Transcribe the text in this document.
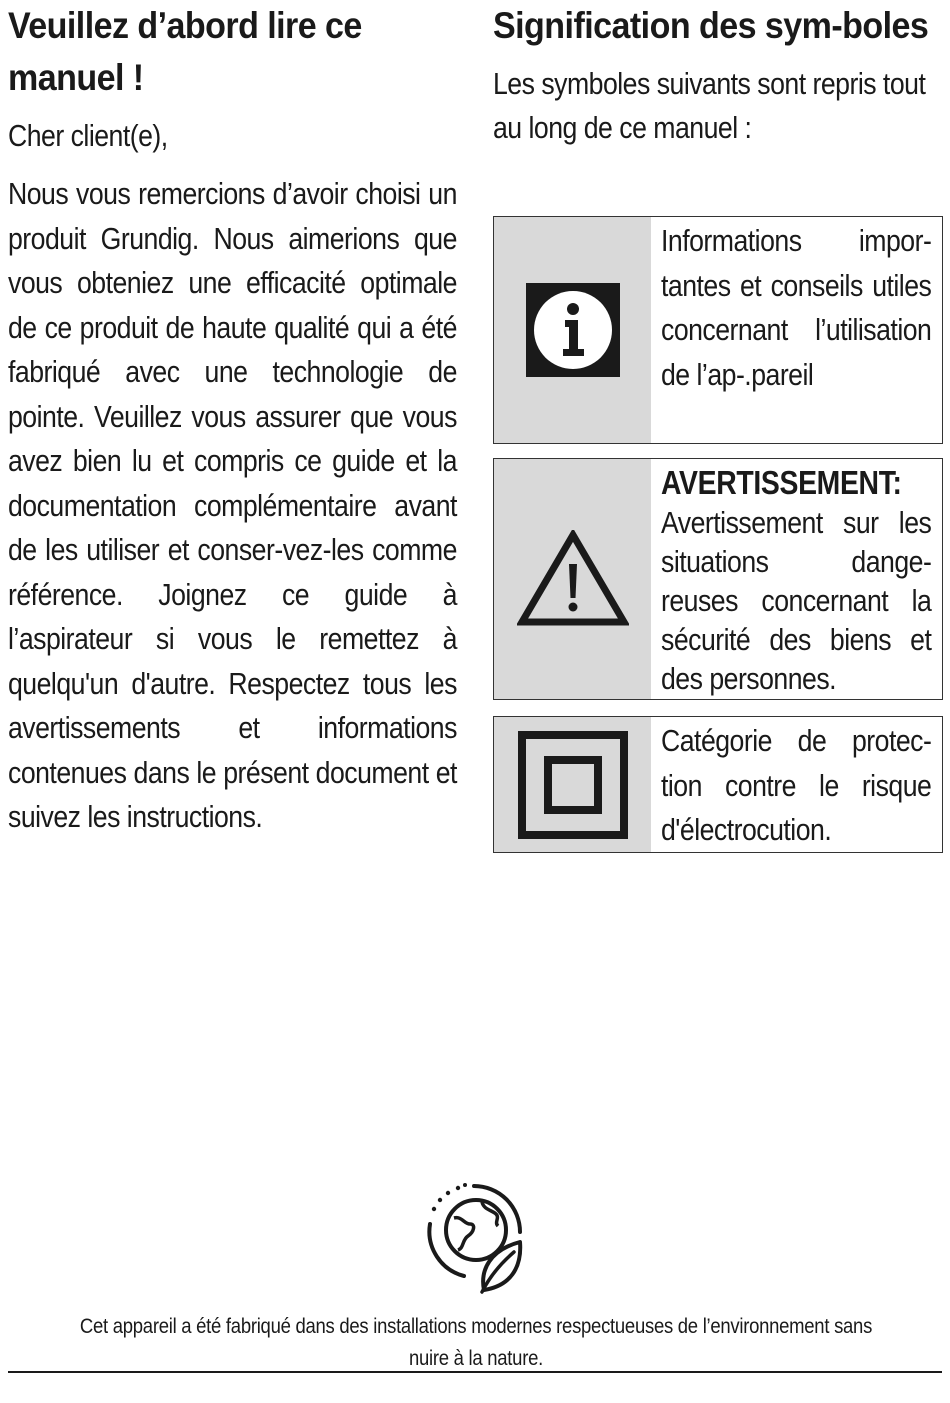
Veuillez d’abord lire ce manuel !

Cher client(e),

Nous vous remercions d’avoir choisi un produit Grundig. Nous aimerions que vous obteniez une efficacité optimale de ce produit de haute qualité qui a été fabriqué avec une technologie de pointe. Veuillez vous assurer que vous avez bien lu et compris ce guide et la documentation complémentaire avant de les utiliser et conser-vez-les comme référence. Joignez ce guide à l’aspirateur si vous le remettez à quelqu'un d'autre. Respectez tous les avertissements et informations contenues dans le présent document et suivez les instructions.

Signification des sym-boles

Les symboles suivants sont repris tout au long de ce manuel :

Informations impor-tantes et conseils utiles concernant l’utilisation de l’ap-.pareil

AVERTISSEMENT:

Avertissement sur les situations dange-reuses concernant la sécurité des biens et des personnes.

Catégorie de protec-tion contre le risque d'électrocution.

Cet appareil a été fabriqué dans des installations modernes respectueuses de l’environnement sans nuire à la nature.
